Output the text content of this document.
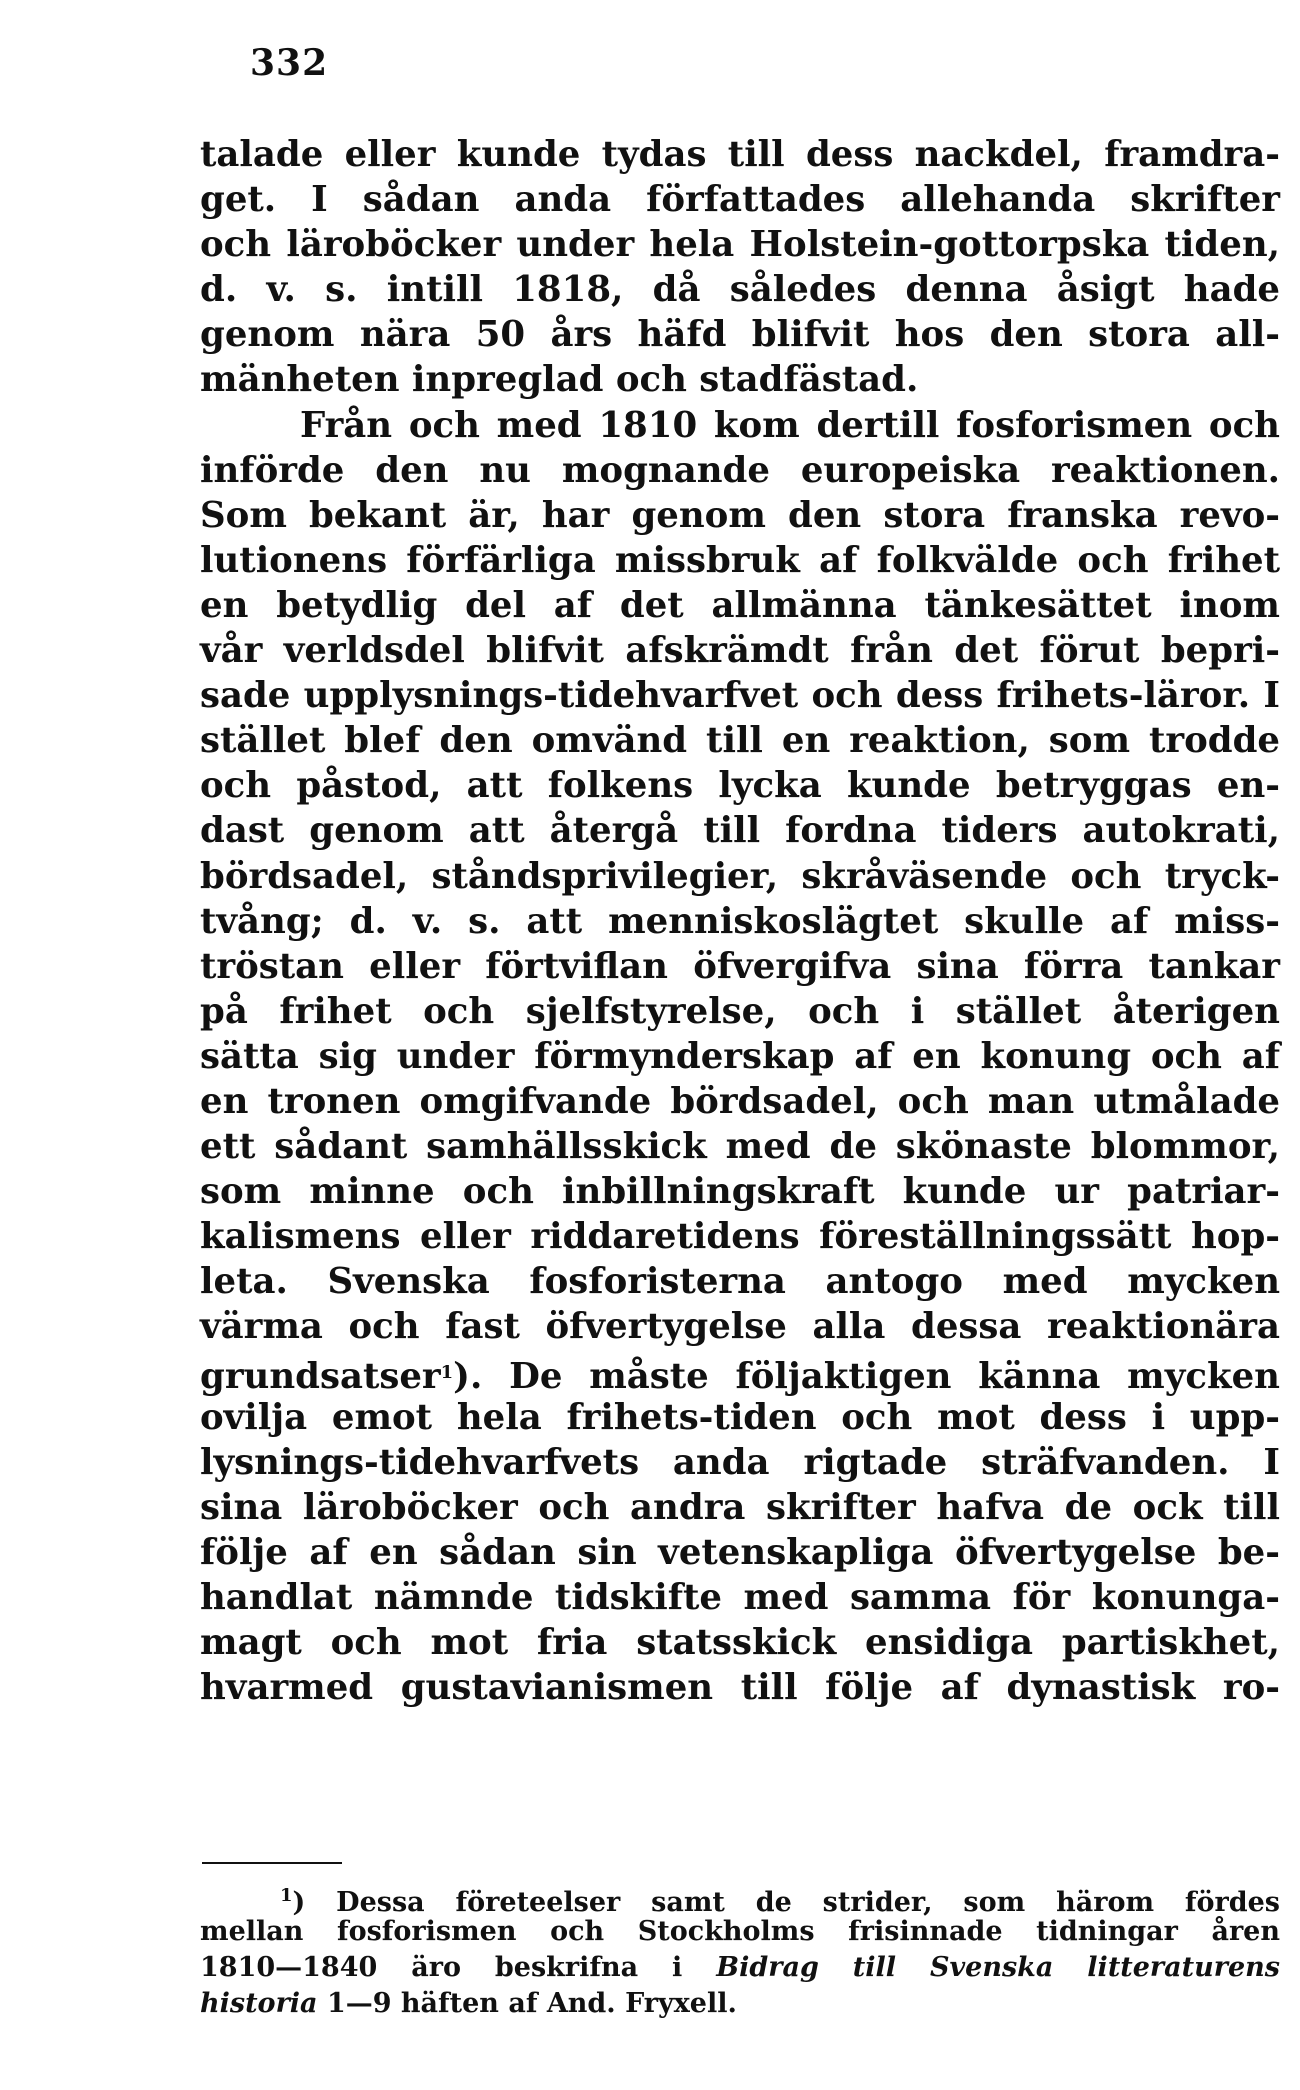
332
talade eller kunde tydas till dess nackdel, framdra-
get. I sådan anda författades allehanda skrifter
och läroböcker under hela Holstein-gottorpska tiden,
d. v. s. intill 1818, då således denna åsigt hade
genom nära 50 års häfd blifvit hos den stora all-
mänheten inpreglad och stadfästad.
Från och med 1810 kom dertill fosforismen och
införde den nu mognande europeiska reaktionen.
Som bekant är, har genom den stora franska revo-
lutionens förfärliga missbruk af folkvälde och frihet
en betydlig del af det allmänna tänkesättet inom
vår verldsdel blifvit afskrämdt från det förut bepri-
sade upplysnings-tidehvarfvet och dess frihets-läror. I
stället blef den omvänd till en reaktion, som trodde
och påstod, att folkens lycka kunde betryggas en-
dast genom att återgå till fordna tiders autokrati,
bördsadel, ståndsprivilegier, skråväsende och tryck-
tvång; d. v. s. att menniskoslägtet skulle af miss-
tröstan eller förtviflan öfvergifva sina förra tankar
på frihet och sjelfstyrelse, och i stället återigen
sätta sig under förmynderskap af en konung och af
en tronen omgifvande bördsadel, och man utmålade
ett sådant samhällsskick med de skönaste blommor,
som minne och inbillningskraft kunde ur patriar-
kalismens eller riddaretidens föreställningssätt hop-
leta. Svenska fosforisterna antogo med mycken
värma och fast öfvertygelse alla dessa reaktionära
grundsatser$^1$). De måste följaktigen känna mycken
ovilja emot hela frihets-tiden och mot dess i upp-
lysnings-tidehvarfvets anda rigtade sträfvanden. I
sina läroböcker och andra skrifter hafva de ock till
följe af en sådan sin vetenskapliga öfvertygelse be-
handlat nämnde tidskifte med samma för konunga-
magt och mot fria statsskick ensidiga partiskhet,
hvarmed gustavianismen till följe af dynastisk ro-
$^1$) Dessa företeelser samt de strider, som härom fördes
mellan fosforismen och Stockholms frisinnade tidningar åren
1810—1840 äro beskrifna i Bidrag till Svenska litteraturens
historia 1—9 häften af And. Fryxell.
